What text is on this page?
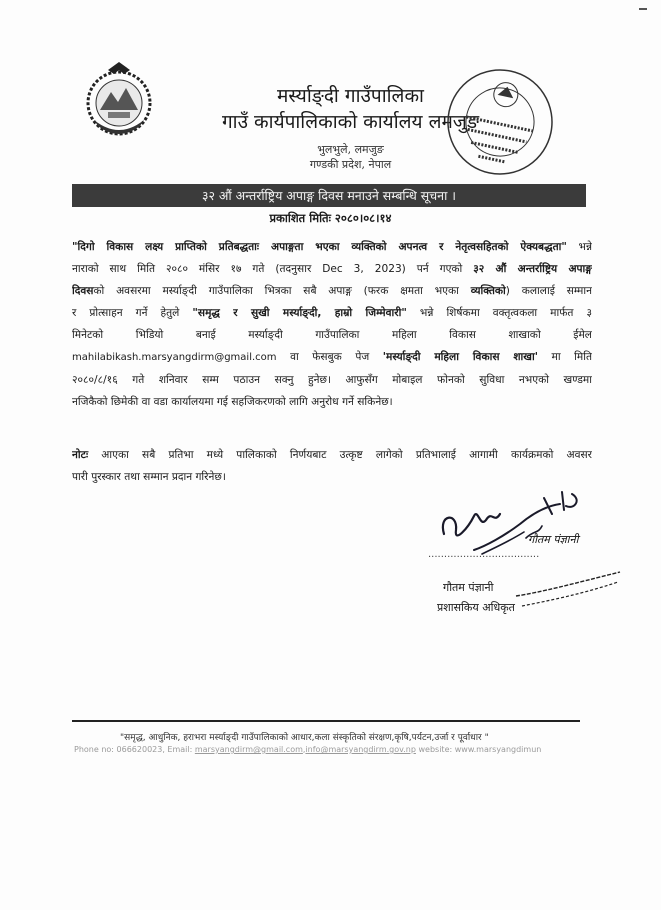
मर्स्याङ्दी गाउँपालिका
गाउँ कार्यपालिकाको कार्यालय लमजुङ
भुलभुले, लमजुङ
गण्डकी प्रदेश, नेपाल
३२ औं अन्तर्राष्ट्रिय अपाङ्ग दिवस मनाउने सम्बन्धि सूचना ।
प्रकाशित मितिः २०८०।०८।१४
"दिगो विकास लक्ष्य प्राप्तिको प्रतिबद्धताः अपाङ्गता भएका व्यक्तिको अपनत्व र नेतृत्वसहितको ऐक्यबद्धता" भन्ने
नाराको साथ मिति २०८० मंसिर १७ गते (तदनुसार Dec 3, 2023) पर्न गएको ३२ औं अन्तर्राष्ट्रिय अपाङ्ग
दिवसको अवसरमा मर्स्याङ्दी गाउँपालिका भित्रका सबै अपाङ्ग (फरक क्षमता भएका व्यक्तिको) कलालाई सम्मान
र प्रोत्साहन गर्ने हेतुले "समृद्ध र सुखी मर्स्याङ्दी, हाम्रो जिम्मेवारी" भन्ने शिर्षकमा वक्तृत्वकला मार्फत ३
मिनेटको भिडियो बनाई मर्स्याङ्दी गाउँपालिका महिला विकास शाखाको ईमेल
mahilabikash.marsyangdirm@gmail.com वा फेसबुक पेज 'मर्स्याङ्दी महिला विकास शाखा' मा मिति
२०८०/८/१६ गते शनिवार सम्म पठाउन सक्नु हुनेछ। आफुसँग मोबाइल फोनको सुविधा नभएको खण्डमा
नजिकैको छिमेकी वा वडा कार्यालयमा गई सहजिकरणको लागि अनुरोध गर्ने सकिनेछ।
नोटः आएका सबै प्रतिभा मध्ये पालिकाको निर्णयबाट उत्कृष्ट लागेको प्रतिभालाई आगामी कार्यक्रमको अवसर
पारी पुरस्कार तथा सम्मान प्रदान गरिनेछ।
...................................
गौतम पंज्ञानी
गौतम पंज्ञानी
प्रशासकिय अधिकृत
"समृद्ध, आधुनिक, हराभरा मर्स्याङ्दी गाउँपालिकाको आधार,कला संस्कृतिको संरक्षण,कृषि,पर्यटन,उर्जा र पूर्वाधार "
Phone no: 066620023, Email: marsyangdirm@gmail.com,info@marsyangdirm.gov.np website: www.marsyangdimun
